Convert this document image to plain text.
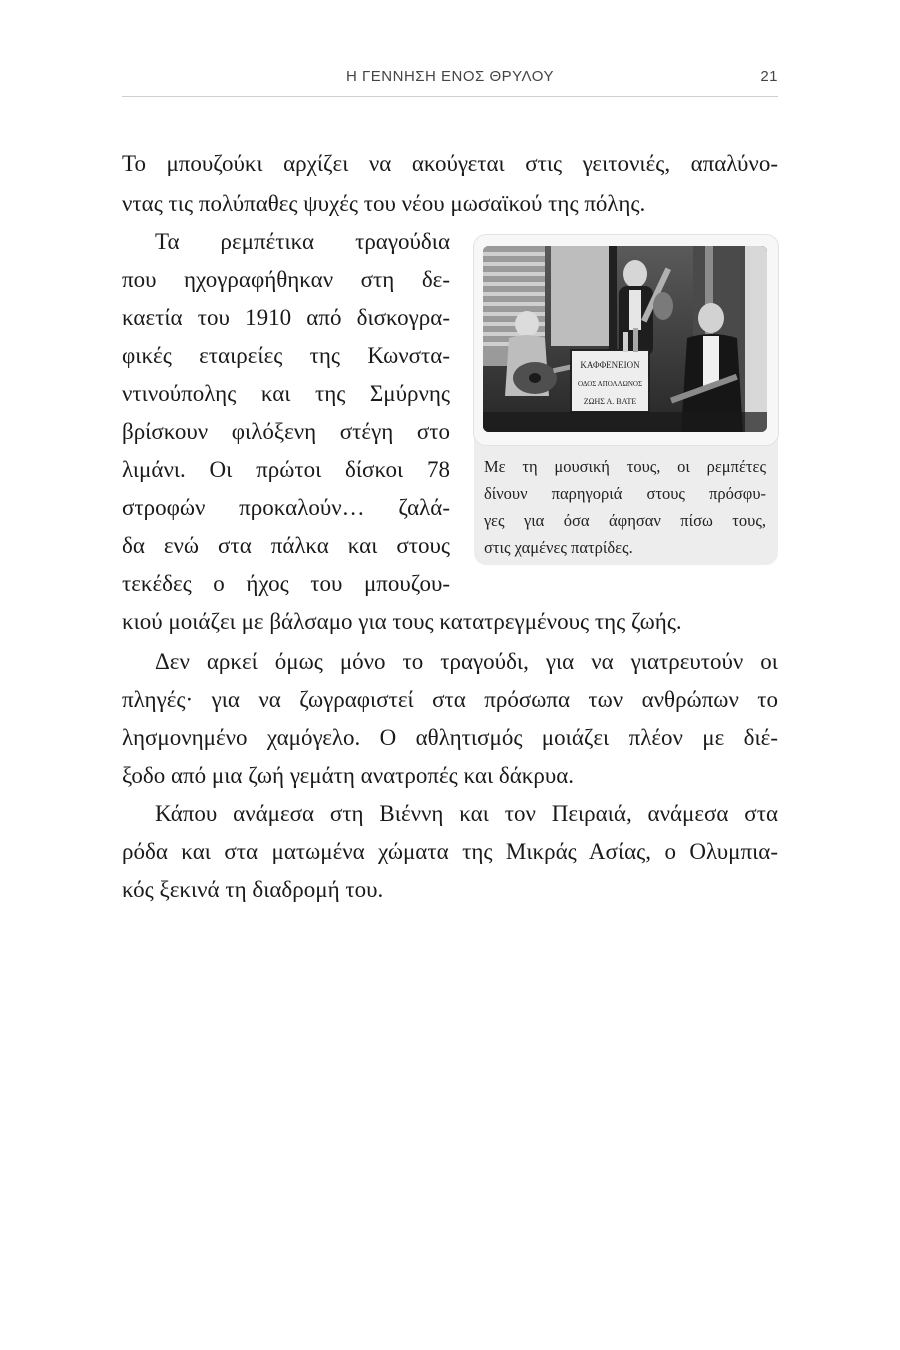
Η ΓΕΝΝΗΣΗ ΕΝΟΣ ΘΡΥΛΟΥ	21
Το μπουζούκι αρχίζει να ακούγεται στις γειτονιές, απαλύνο-
ντας τις πολύπαθες ψυχές του νέου μωσαϊκού της πόλης.
Τα ρεμπέτικα τραγούδια
που ηχογραφήθηκαν στη δε-
καετία του 1910 από δισκογρα-
φικές εταιρείες της Κωνστα-
ντινούπολης και της Σμύρνης
βρίσκουν φιλόξενη στέγη στο
λιμάνι. Οι πρώτοι δίσκοι 78
στροφών προκαλούν… ζαλά-
δα ενώ στα πάλκα και στους
τεκέδες ο ήχος του μπουζου-
κιού μοιάζει με βάλσαμο για τους κατατρεγμένους της ζωής.
Δεν αρκεί όμως μόνο το τραγούδι, για να γιατρευτούν οι
πληγές· για να ζωγραφιστεί στα πρόσωπα των ανθρώπων το
λησμονημένο χαμόγελο. Ο αθλητισμός μοιάζει πλέον με διέ-
ξοδο από μια ζωή γεμάτη ανατροπές και δάκρυα.
Κάπου ανάμεσα στη Βιέννη και τον Πειραιά, ανάμεσα στα
ρόδα και στα ματωμένα χώματα της Μικράς Ασίας, ο Ολυμπια-
κός ξεκινά τη διαδρομή του.
ΚΑΦΦΕΝΕΙΟΝ
ΟΔΟΣ ΑΠΟΛΛΩΝΟΣ
ΖΩΗΣ Α. ΒΑΤΕ
Με τη μουσική τους, οι ρεμπέτες
δίνουν παρηγοριά στους πρόσφυ-
γες για όσα άφησαν πίσω τους,
στις χαμένες πατρίδες.
